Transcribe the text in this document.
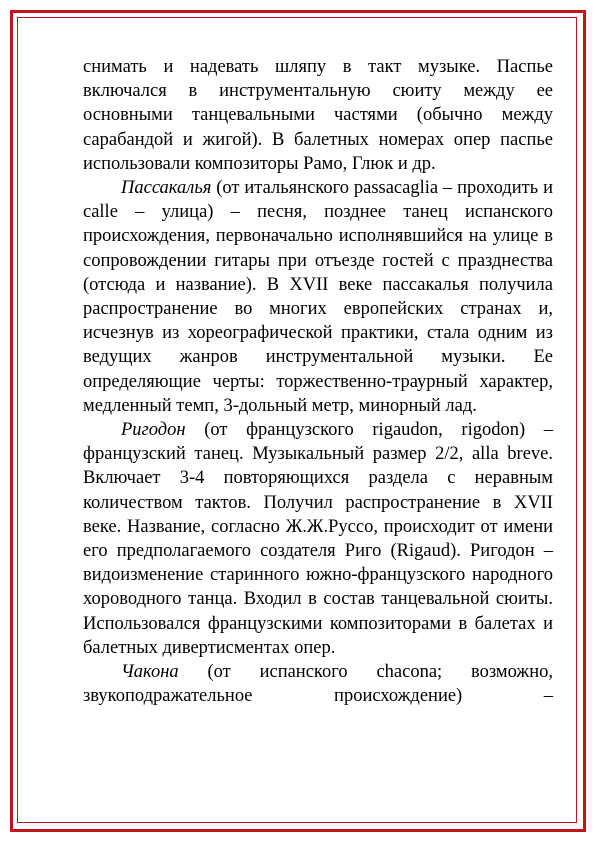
снимать и надевать шляпу в такт музыке. Паспье включался в инструментальную сюиту между ее основными танцевальными частями (обычно между сарабандой и жигой). В балетных номерах опер паспье использовали композиторы Рамо, Глюк и др.

Пассакалья (от итальянского passacaglia – проходить и calle – улица) – песня, позднее танец испанского происхождения, первоначально исполнявшийся на улице в сопровождении гитары при отъезде гостей с празднества (отсюда и название). В XVII веке пассакалья получила распространение во многих европейских странах и, исчезнув из хореографической практики, стала одним из ведущих жанров инструментальной музыки. Ее определяющие черты: торжественно-траурный характер, медленный темп, 3-дольный метр, минорный лад.

Ригодон (от французского rigaudon, rigodon) – французский танец. Музыкальный размер 2/2, alla breve. Включает 3-4 повторяющихся раздела с неравным количеством тактов. Получил распространение в XVII веке. Название, согласно Ж.Ж.Руссо, происходит от имени его предполагаемого создателя Риго (Rigaud). Ригодон – видоизменение старинного южно-французского народного хороводного танца. Входил в состав танцевальной сюиты. Использовался французскими композиторами в балетах и балетных дивертисментах опер.

Чакона (от испанского chacona; возможно, звукоподражательное происхождение) –
